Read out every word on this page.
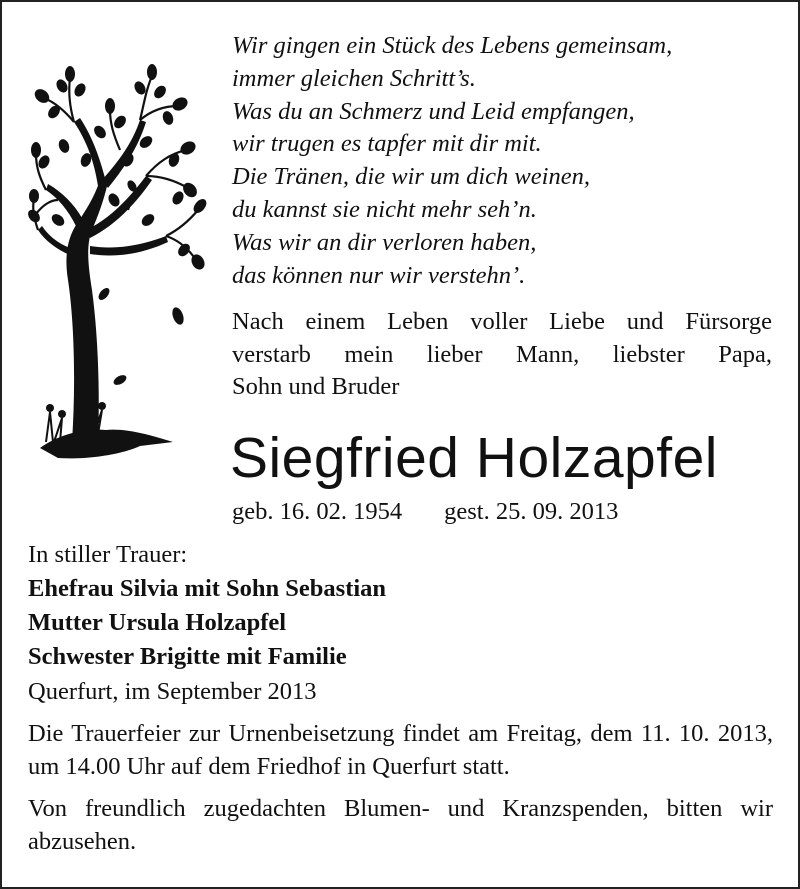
Wir gingen ein Stück des Lebens gemeinsam,
immer gleichen Schritt’s.
Was du an Schmerz und Leid empfangen,
wir trugen es tapfer mit dir mit.
Die Tränen, die wir um dich weinen,
du kannst sie nicht mehr seh’n.
Was wir an dir verloren haben,
das können nur wir verstehn’.
Nach einem Leben voller Liebe und Fürsorge
verstarb mein lieber Mann, liebster Papa,
Sohn und Bruder
Siegfried Holzapfel
geb. 16. 02. 1954 gest. 25. 09. 2013
In stiller Trauer:
Ehefrau Silvia mit Sohn Sebastian
Mutter Ursula Holzapfel
Schwester Brigitte mit Familie
Querfurt, im September 2013
Die Trauerfeier zur Urnenbeisetzung findet am Freitag, dem 11. 10. 2013, um 14.00 Uhr auf dem Friedhof in Querfurt statt.
Von freundlich zugedachten Blumen- und Kranzspenden, bitten wir abzusehen.
